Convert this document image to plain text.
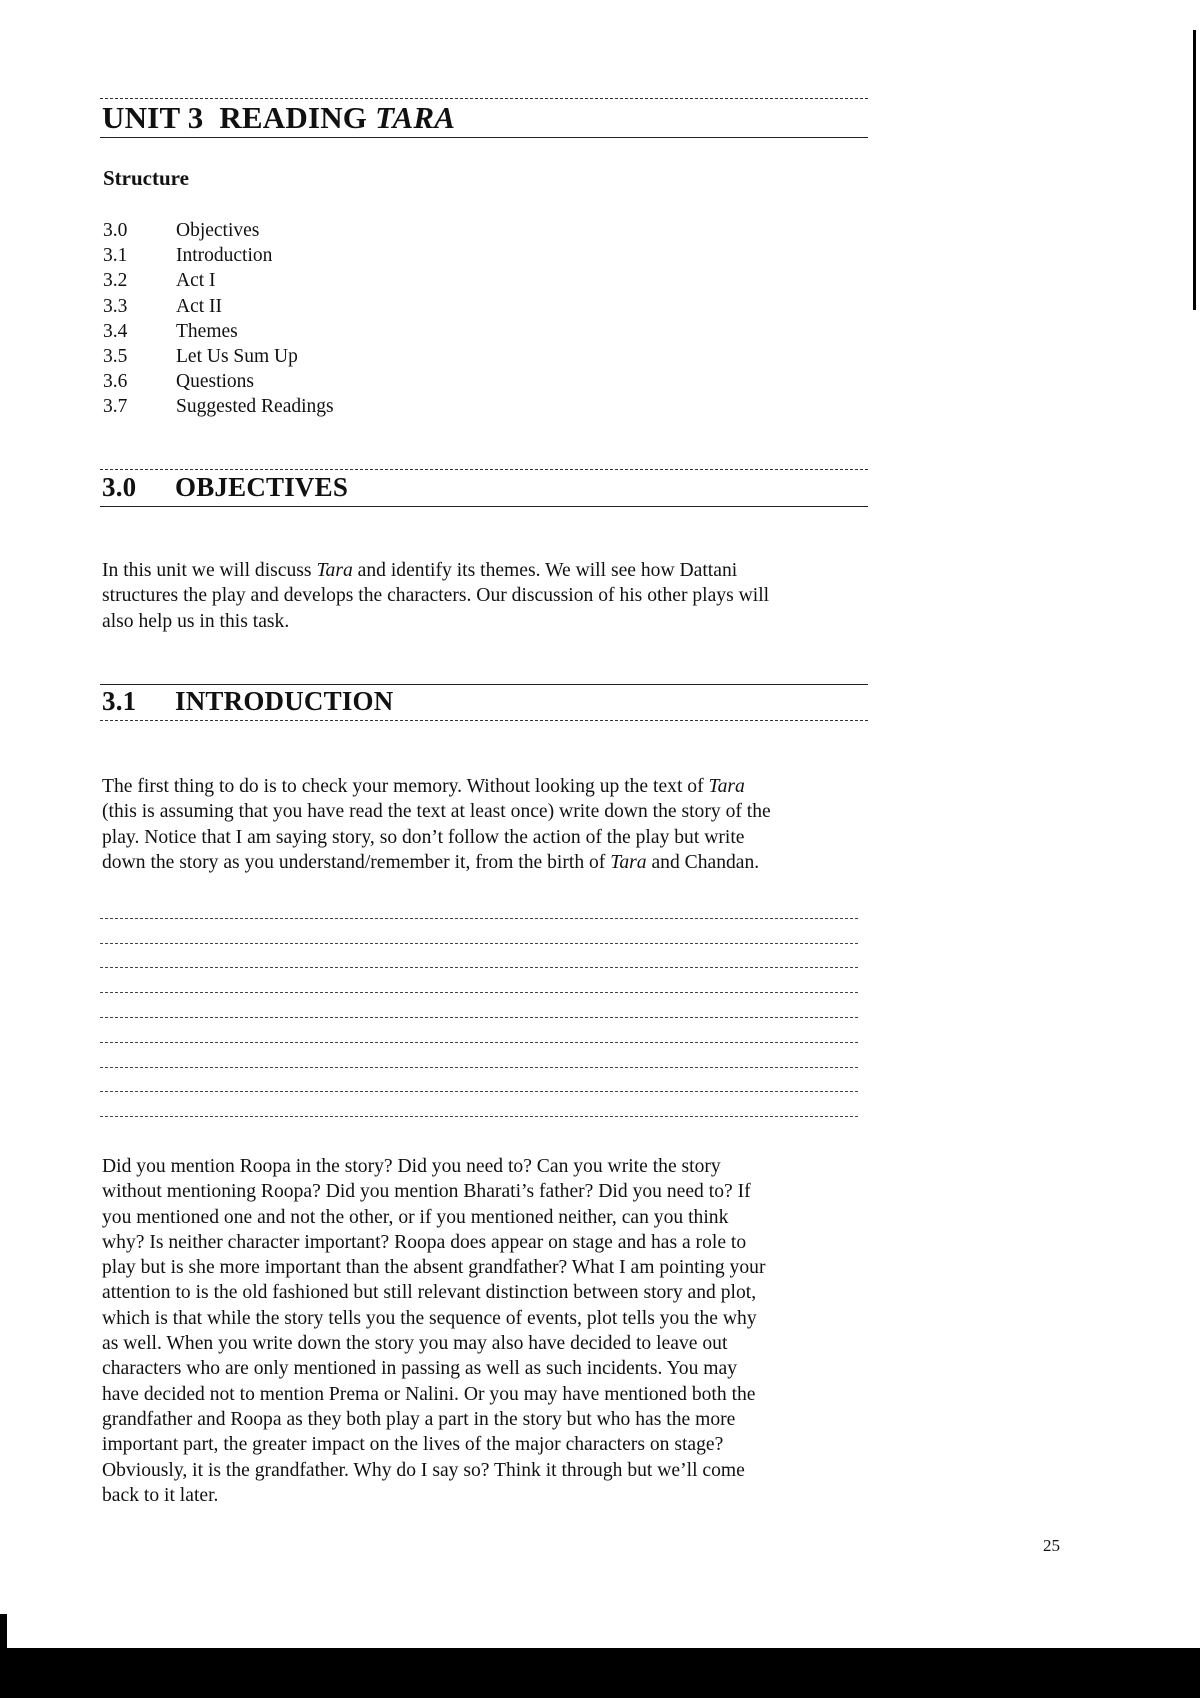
UNIT 3 READING TARA
Structure
3.0	Objectives
3.1	Introduction
3.2	Act I
3.3	Act II
3.4	Themes
3.5	Let Us Sum Up
3.6	Questions
3.7	Suggested Readings
3.0 OBJECTIVES

In this unit we will discuss Tara and identify its themes. We will see how Dattani
structures the play and develops the characters. Our discussion of his other plays will
also help us in this task.

3.1 INTRODUCTION

The first thing to do is to check your memory. Without looking up the text of Tara
(this is assuming that you have read the text at least once) write down the story of the
play. Notice that I am saying story, so don’t follow the action of the play but write
down the story as you understand/remember it, from the birth of Tara and Chandan.

Did you mention Roopa in the story? Did you need to? Can you write the story
without mentioning Roopa? Did you mention Bharati’s father? Did you need to? If
you mentioned one and not the other, or if you mentioned neither, can you think
why? Is neither character important? Roopa does appear on stage and has a role to
play but is she more important than the absent grandfather? What I am pointing your
attention to is the old fashioned but still relevant distinction between story and plot,
which is that while the story tells you the sequence of events, plot tells you the why
as well. When you write down the story you may also have decided to leave out
characters who are only mentioned in passing as well as such incidents. You may
have decided not to mention Prema or Nalini. Or you may have mentioned both the
grandfather and Roopa as they both play a part in the story but who has the more
important part, the greater impact on the lives of the major characters on stage?
Obviously, it is the grandfather. Why do I say so? Think it through but we’ll come
back to it later.

25
